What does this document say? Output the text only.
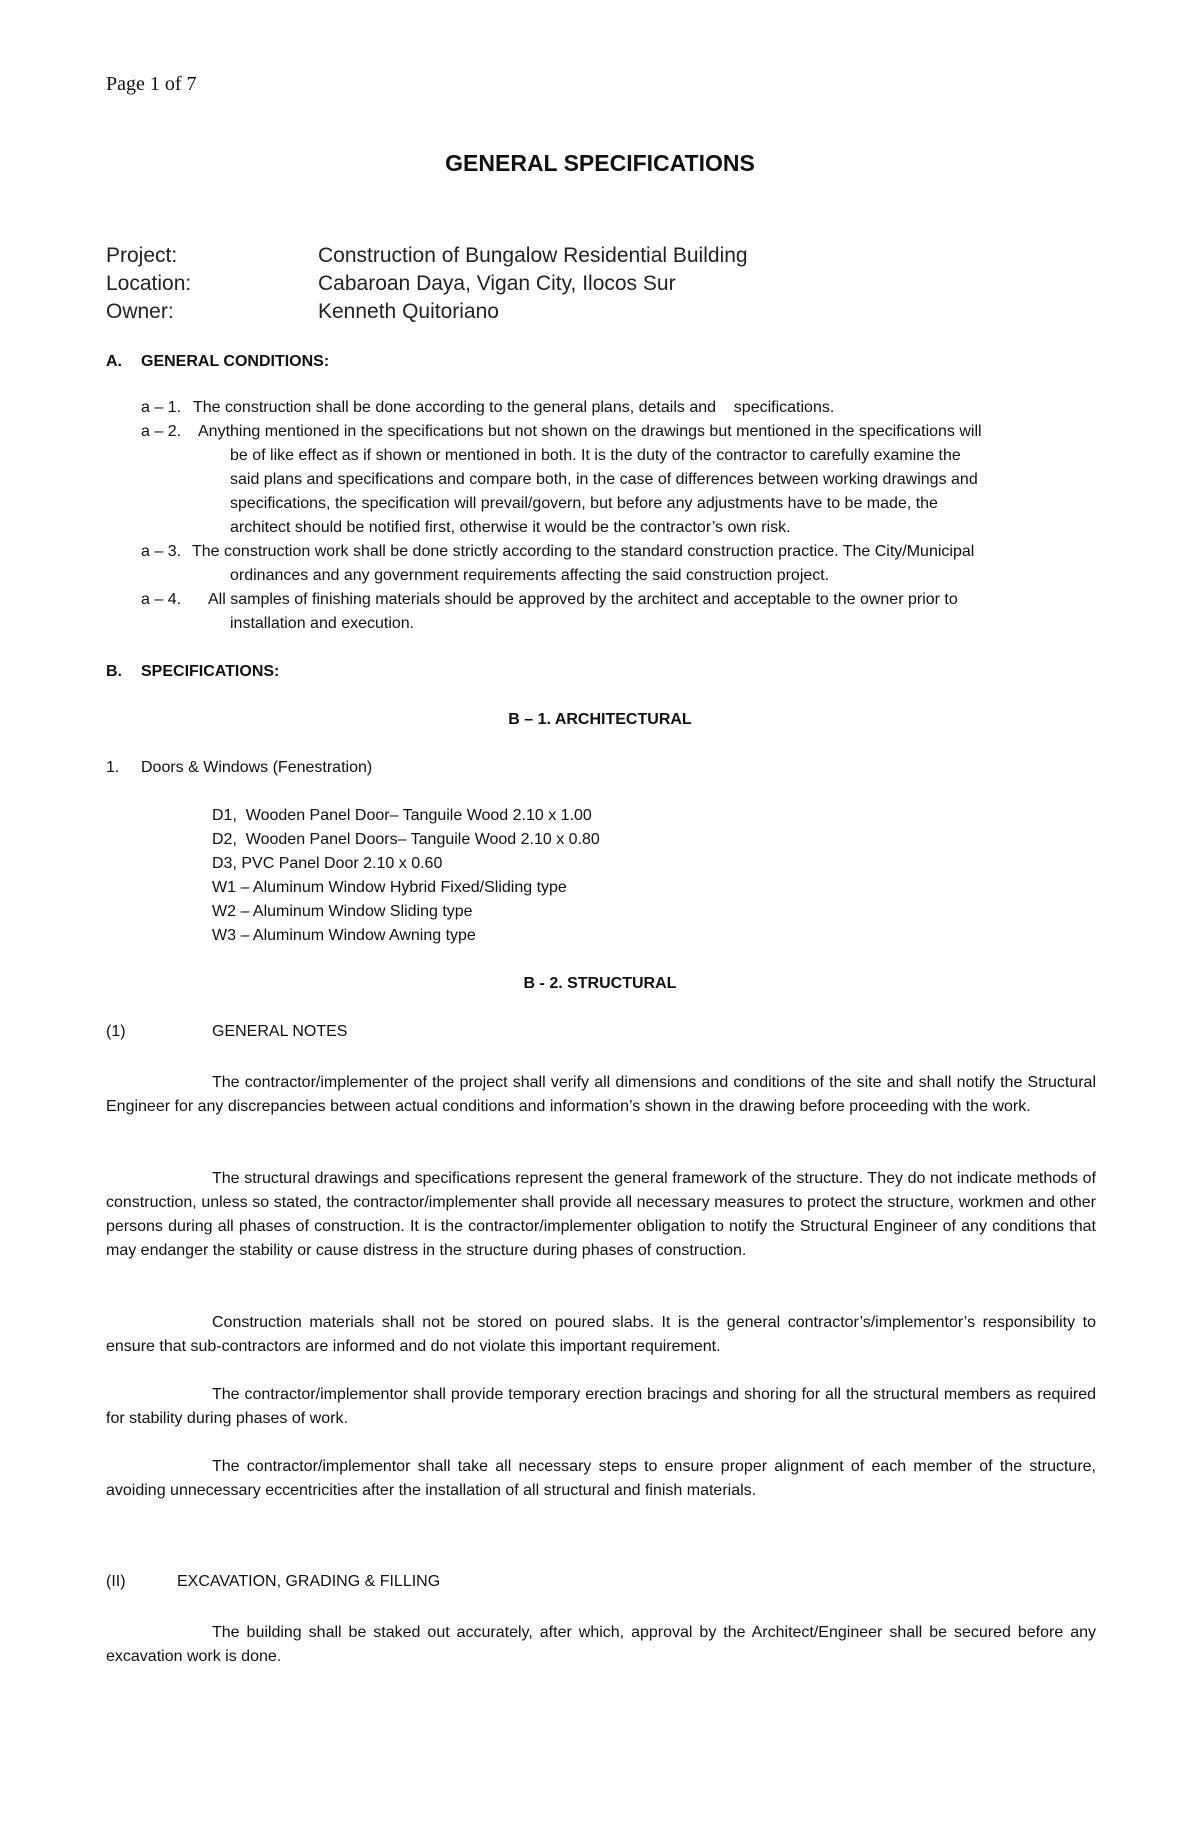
Page 1 of 7
GENERAL SPECIFICATIONS
Project:	Construction of Bungalow Residential Building
Location:	Cabaroan Daya, Vigan City, Ilocos Sur
Owner:	Kenneth Quitoriano
A. GENERAL CONDITIONS:
a – 1. The construction shall be done according to the general plans, details and    specifications.
a – 2. Anything mentioned in the specifications but not shown on the drawings but mentioned in the specifications will
be of like effect as if shown or mentioned in both. It is the duty of the contractor to carefully examine the
said plans and specifications and compare both, in the case of differences between working drawings and
specifications, the specification will prevail/govern, but before any adjustments have to be made, the
architect should be notified first, otherwise it would be the contractor’s own risk.
a – 3. The construction work shall be done strictly according to the standard construction practice. The City/Municipal
ordinances and any government requirements affecting the said construction project.
a – 4. All samples of finishing materials should be approved by the architect and acceptable to the owner prior to
installation and execution.
B. SPECIFICATIONS:
B – 1. ARCHITECTURAL
1. Doors & Windows (Fenestration)
D1,  Wooden Panel Door– Tanguile Wood 2.10 x 1.00
D2,  Wooden Panel Doors– Tanguile Wood 2.10 x 0.80
D3, PVC Panel Door 2.10 x 0.60
W1 – Aluminum Window Hybrid Fixed/Sliding type
W2 – Aluminum Window Sliding type
W3 – Aluminum Window Awning type
B - 2. STRUCTURAL
(1)	GENERAL NOTES
The contractor/implementer of the project shall verify all dimensions and conditions of the site and shall notify the Structural Engineer for any discrepancies between actual conditions and information’s shown in the drawing before proceeding with the work.
The structural drawings and specifications represent the general framework of the structure. They do not indicate methods of construction, unless so stated, the contractor/implementer shall provide all necessary measures to protect the structure, workmen and other persons during all phases of construction. It is the contractor/implementer obligation to notify the Structural Engineer of any conditions that may endanger the stability or cause distress in the structure during phases of construction.
Construction materials shall not be stored on poured slabs. It is the general contractor’s/implementor’s responsibility to ensure that sub-contractors are informed and do not violate this important requirement.
The contractor/implementor shall provide temporary erection bracings and shoring for all the structural members as required for stability during phases of work.
The contractor/implementor shall take all necessary steps to ensure proper alignment of each member of the structure, avoiding unnecessary eccentricities after the installation of all structural and finish materials.
(II)	EXCAVATION, GRADING & FILLING
The building shall be staked out accurately, after which, approval by the Architect/Engineer shall be secured before any excavation work is done.
